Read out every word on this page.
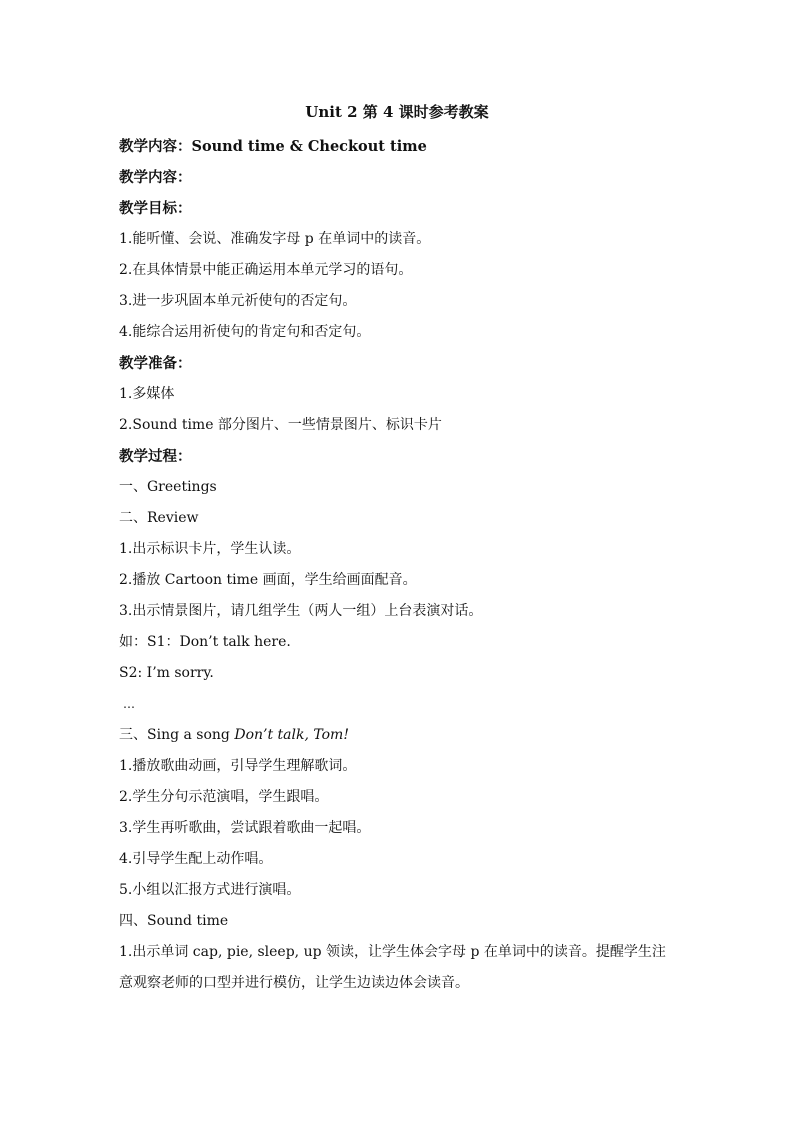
Unit 2 第 4 课时参考教案
教学内容：Sound time & Checkout time
教学内容：
教学目标：
1.能听懂、会说、准确发字母 p 在单词中的读音。
2.在具体情景中能正确运用本单元学习的语句。
3.进一步巩固本单元祈使句的否定句。
4.能综合运用祈使句的肯定句和否定句。
教学准备：
1.多媒体
2.Sound time 部分图片、一些情景图片、标识卡片
教学过程：
一、Greetings
二、Review
1.出示标识卡片，学生认读。
2.播放 Cartoon time 画面，学生给画面配音。
3.出示情景图片，请几组学生（两人一组）上台表演对话。
如：S1：Don’t talk here.
S2: I’m sorry.
…
三、Sing a song Don’t talk, Tom!
1.播放歌曲动画，引导学生理解歌词。
2.学生分句示范演唱，学生跟唱。
3.学生再听歌曲，尝试跟着歌曲一起唱。
4.引导学生配上动作唱。
5.小组以汇报方式进行演唱。
四、Sound time
1.出示单词 cap, pie, sleep, up 领读，让学生体会字母 p 在单词中的读音。提醒学生注意观察老师的口型并进行模仿，让学生边读边体会读音。
